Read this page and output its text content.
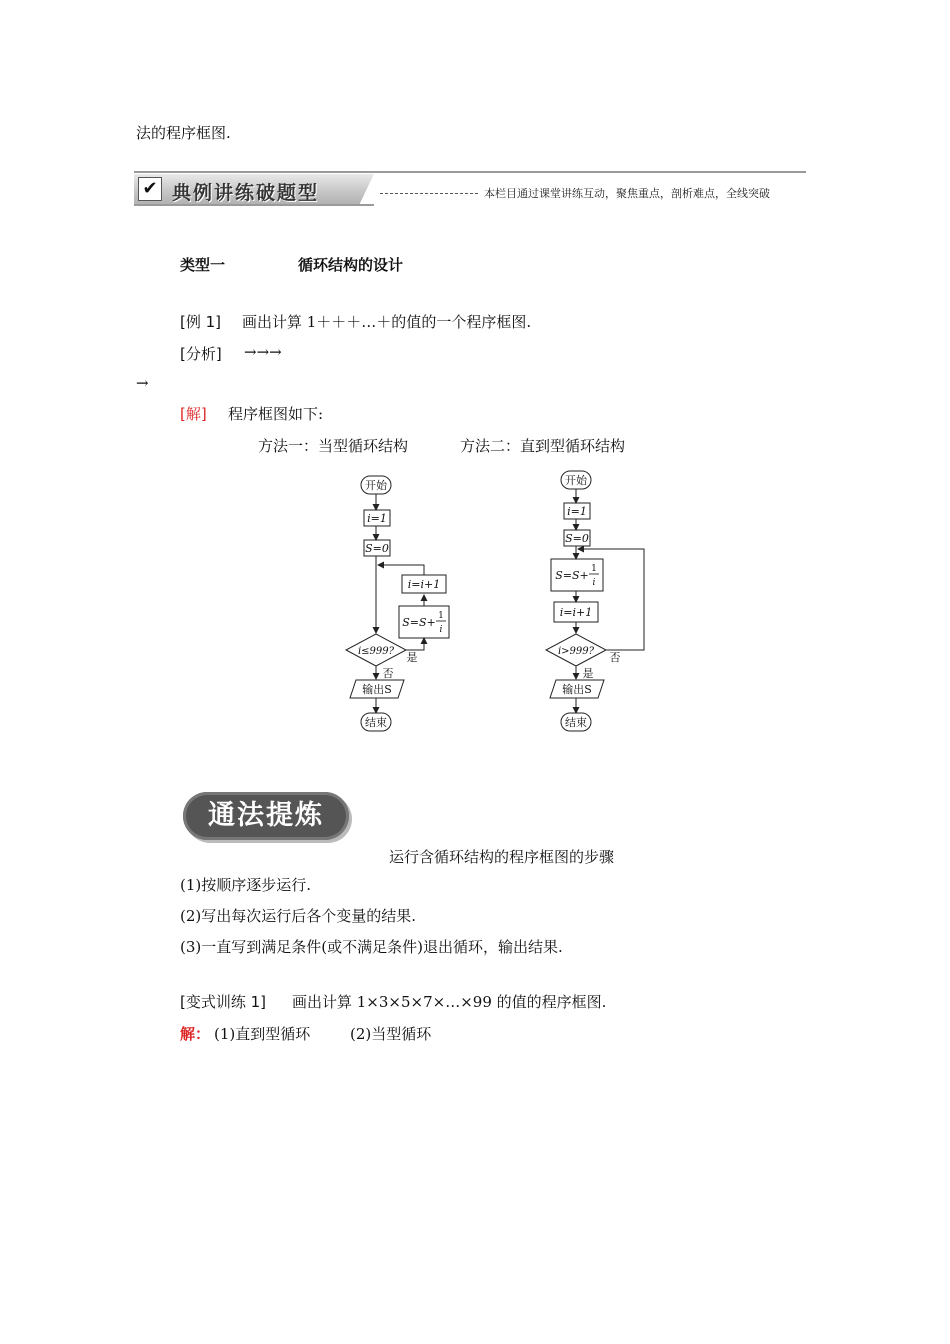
法的程序框图.
✔ 典例讲练破题型	本栏目通过课堂讲练互动，聚焦重点，剖析难点，全线突破
类型一	循环结构的设计
[例 1] 画出计算 1＋＋＋…＋的值的一个程序框图.
[分析] →→→
→
[解] 程序框图如下:
方法一：当型循环结构	方法二：直到型循环结构
开始
i=1
S=0
i=i+1
S=S+ 1
i
i≤999? 是
否
输出S
结束
开始
i=1
S=0
S=S+ 1
i
i=i+1
i>999? 否
是
输出S
结束
通法提炼
运行含循环结构的程序框图的步骤
(1)按顺序逐步运行.
(2)写出每次运行后各个变量的结果.
(3)一直写到满足条件(或不满足条件)退出循环，输出结果.
[变式训练 1] 画出计算 1×3×5×7×…×99 的值的程序框图.
解： (1)直到型循环	(2)当型循环
